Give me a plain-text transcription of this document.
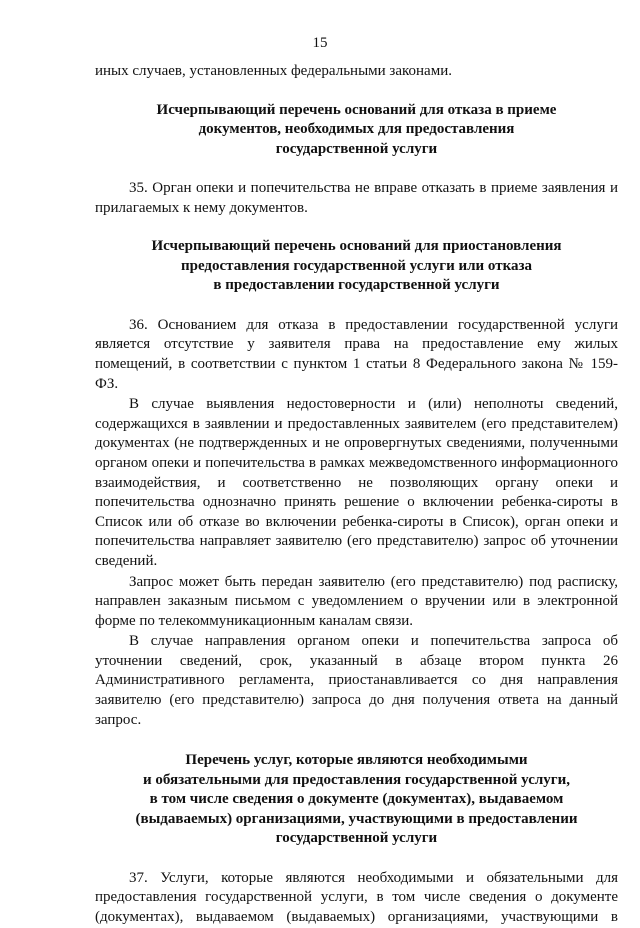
15

иных случаев, установленных федеральными законами.

Исчерпывающий перечень оснований для отказа в приеме
документов, необходимых для предоставления
государственной услуги

35. Орган опеки и попечительства не вправе отказать в приеме заявления и прилагаемых к нему документов.

Исчерпывающий перечень оснований для приостановления
предоставления государственной услуги или отказа
в предоставлении государственной услуги

36. Основанием для отказа в предоставлении государственной услуги является отсутствие у заявителя права на предоставление ему жилых помещений, в соответствии с пунктом 1 статьи 8 Федерального закона № 159-ФЗ.

В случае выявления недостоверности и (или) неполноты сведений, содержащихся в заявлении и предоставленных заявителем (его представителем) документах (не подтвержденных и не опровергнутых сведениями, полученными органом опеки и попечительства в рамках межведомственного информационного взаимодействия, и соответственно не позволяющих органу опеки и попечительства однозначно принять решение о включении ребенка-сироты в Список или об отказе во включении ребенка-сироты в Список), орган опеки и попечительства направляет заявителю (его представителю) запрос об уточнении сведений.

Запрос может быть передан заявителю (его представителю) под расписку, направлен заказным письмом с уведомлением о вручении или в электронной форме по телекоммуникационным каналам связи.

В случае направления органом опеки и попечительства запроса об уточнении сведений, срок, указанный в абзаце втором пункта 26 Административного регламента, приостанавливается со дня направления заявителю (его представителю) запроса до дня получения ответа на данный запрос.

Перечень услуг, которые являются необходимыми
и обязательными для предоставления государственной услуги,
в том числе сведения о документе (документах), выдаваемом
(выдаваемых) организациями, участвующими в предоставлении
государственной услуги

37. Услуги, которые являются необходимыми и обязательными для предоставления государственной услуги, в том числе сведения о документе (документах), выдаваемом (выдаваемых) организациями, участвующими в
